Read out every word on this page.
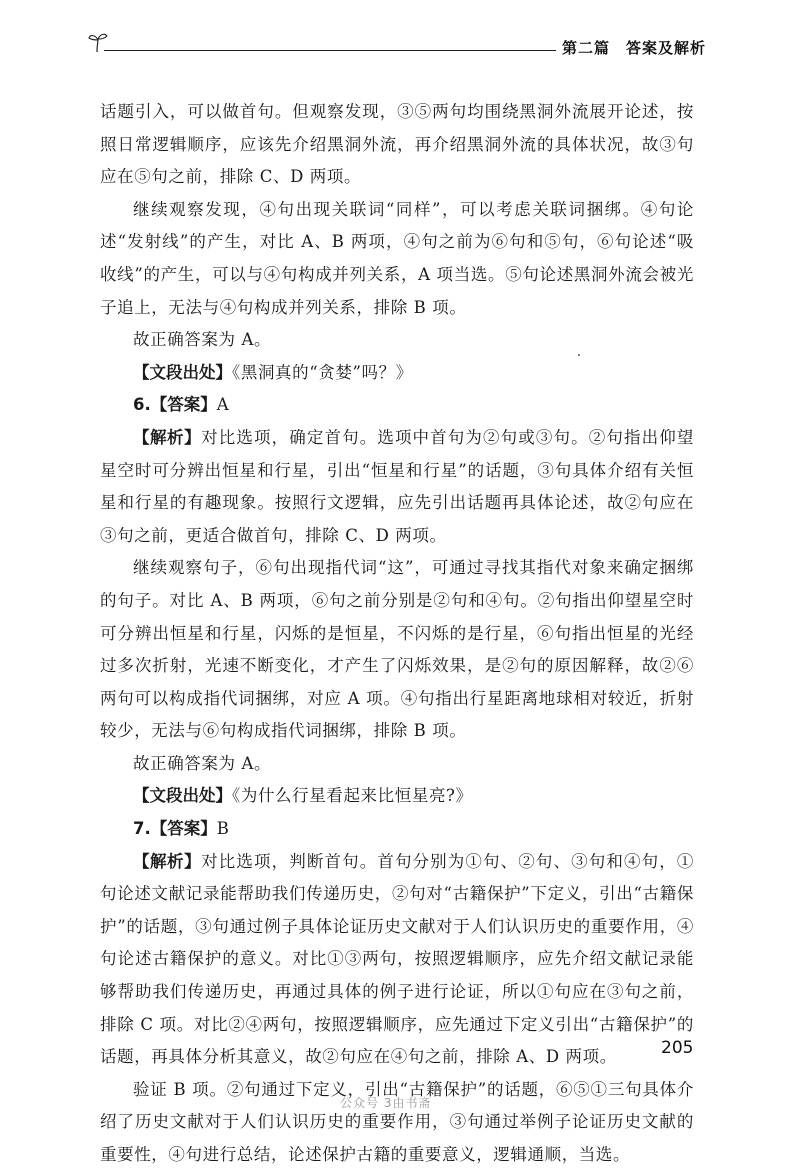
第二篇　答案及解析

话题引入，可以做首句。但观察发现，③⑤两句均围绕黑洞外流展开论述，按照日常逻辑顺序，应该先介绍黑洞外流，再介绍黑洞外流的具体状况，故③句应在⑤句之前，排除 C、D 两项。

继续观察发现，④句出现关联词“同样”，可以考虑关联词捆绑。④句论述“发射线”的产生，对比 A、B 两项，④句之前为⑥句和⑤句，⑥句论述“吸收线”的产生，可以与④句构成并列关系，A 项当选。⑤句论述黑洞外流会被光子追上，无法与④句构成并列关系，排除 B 项。

故正确答案为 A。

【文段出处】《黑洞真的“贪婪”吗？》

6.【答案】A

【解析】对比选项，确定首句。选项中首句为②句或③句。②句指出仰望星空时可分辨出恒星和行星，引出“恒星和行星”的话题，③句具体介绍有关恒星和行星的有趣现象。按照行文逻辑，应先引出话题再具体论述，故②句应在③句之前，更适合做首句，排除 C、D 两项。

继续观察句子，⑥句出现指代词“这”，可通过寻找其指代对象来确定捆绑的句子。对比 A、B 两项，⑥句之前分别是②句和④句。②句指出仰望星空时可分辨出恒星和行星，闪烁的是恒星，不闪烁的是行星，⑥句指出恒星的光经过多次折射，光速不断变化，才产生了闪烁效果，是②句的原因解释，故②⑥两句可以构成指代词捆绑，对应 A 项。④句指出行星距离地球相对较近，折射较少，无法与⑥句构成指代词捆绑，排除 B 项。

故正确答案为 A。

【文段出处】《为什么行星看起来比恒星亮?》

7.【答案】B

【解析】对比选项，判断首句。首句分别为①句、②句、③句和④句，①句论述文献记录能帮助我们传递历史，②句对“古籍保护”下定义，引出“古籍保护”的话题，③句通过例子具体论证历史文献对于人们认识历史的重要作用，④句论述古籍保护的意义。对比①③两句，按照逻辑顺序，应先介绍文献记录能够帮助我们传递历史，再通过具体的例子进行论证，所以①句应在③句之前，排除 C 项。对比②④两句，按照逻辑顺序，应先通过下定义引出“古籍保护”的话题，再具体分析其意义，故②句应在④句之前，排除 A、D 两项。

验证 B 项。②句通过下定义，引出“古籍保护”的话题，⑥⑤①三句具体介绍了历史文献对于人们认识历史的重要作用，③句通过举例子论证历史文献的重要性，④句进行总结，论述保护古籍的重要意义，逻辑通顺，当选。

205
公众号 3由书斋
